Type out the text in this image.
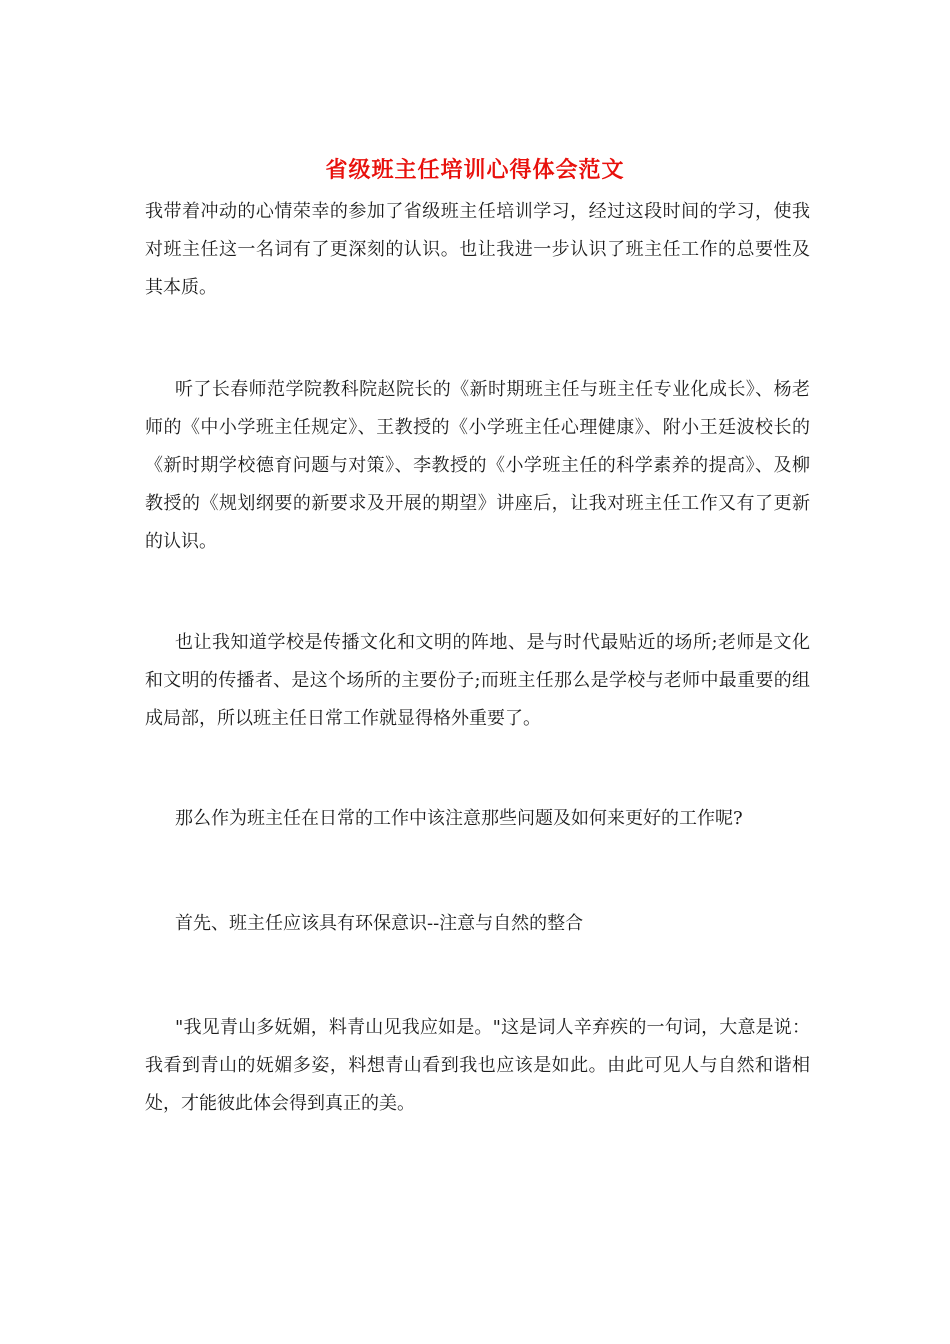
省级班主任培训心得体会范文

我带着冲动的心情荣幸的参加了省级班主任培训学习，经过这段时间的学习，使我对班主任这一名词有了更深刻的认识。也让我进一步认识了班主任工作的总要性及其本质。

听了长春师范学院教科院赵院长的《新时期班主任与班主任专业化成长》、杨老师的《中小学班主任规定》、王教授的《小学班主任心理健康》、附小王廷波校长的《新时期学校德育问题与对策》、李教授的《小学班主任的科学素养的提高》、及柳教授的《规划纲要的新要求及开展的期望》讲座后，让我对班主任工作又有了更新的认识。

也让我知道学校是传播文化和文明的阵地、是与时代最贴近的场所;老师是文化和文明的传播者、是这个场所的主要份子;而班主任那么是学校与老师中最重要的组成局部，所以班主任日常工作就显得格外重要了。

那么作为班主任在日常的工作中该注意那些问题及如何来更好的工作呢?

首先、班主任应该具有环保意识--注意与自然的整合

"我见青山多妩媚，料青山见我应如是。"这是词人辛弃疾的一句词，大意是说：我看到青山的妩媚多姿，料想青山看到我也应该是如此。由此可见人与自然和谐相处，才能彼此体会得到真正的美。
